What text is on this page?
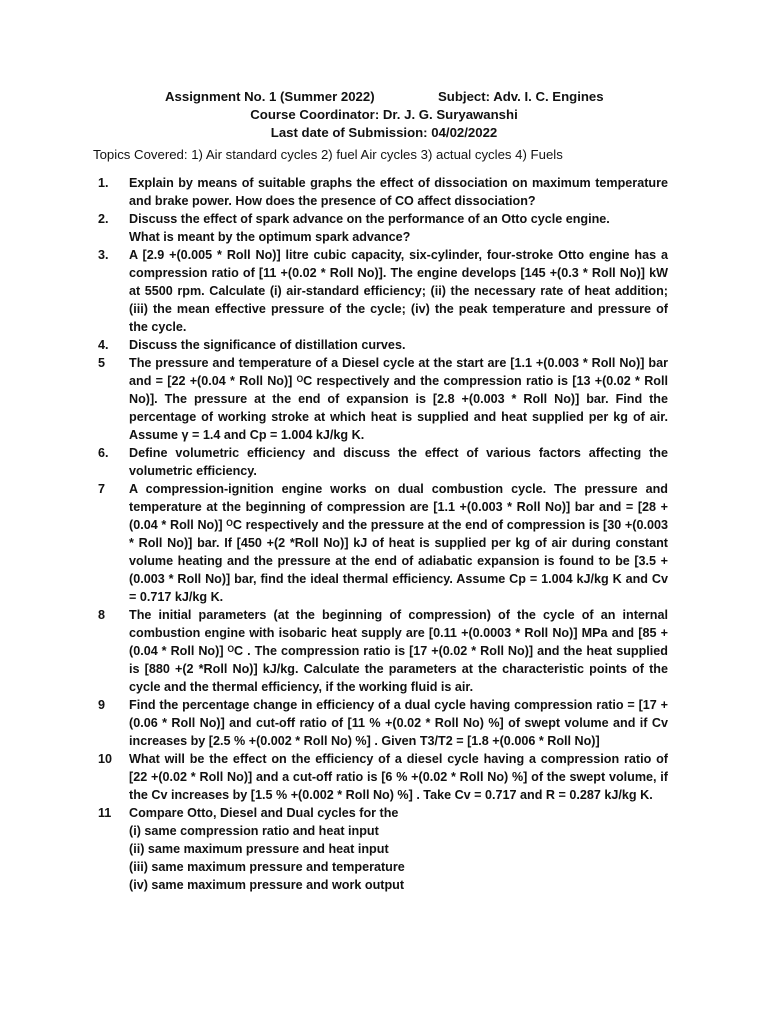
Assignment No. 1 (Summer 2022)	Subject: Adv. I. C. Engines
Course Coordinator: Dr. J. G. Suryawanshi
Last date of Submission: 04/02/2022
Topics Covered: 1) Air standard cycles 2) fuel Air cycles 3) actual cycles 4) Fuels
1.	Explain by means of suitable graphs the effect of dissociation on maximum temperature and brake power. How does the presence of CO affect dissociation?

2.	Discuss the effect of spark advance on the performance of an Otto cycle engine.

What is meant by the optimum spark advance?

3.	A [2.9 +(0.005 * Roll No)] litre cubic capacity, six-cylinder, four-stroke Otto engine has a compression ratio of [11 +(0.02 * Roll No)]. The engine develops [145 +(0.3 * Roll No)] kW at 5500 rpm. Calculate (i) air-standard efficiency; (ii) the necessary rate of heat addition; (iii) the mean effective pressure of the cycle; (iv) the peak temperature and pressure of the cycle.

4.	Discuss the significance of distillation curves.

5	The pressure and temperature of a Diesel cycle at the start are [1.1 +(0.003 * Roll No)] bar and = [22 +(0.04 * Roll No)] ᴼC respectively and the compression ratio is [13 +(0.02 * Roll No)]. The pressure at the end of expansion is [2.8 +(0.003 * Roll No)] bar. Find the percentage of working stroke at which heat is supplied and heat supplied per kg of air. Assume γ = 1.4 and Cp = 1.004 kJ/kg K.

6.	Define volumetric efficiency and discuss the effect of various factors affecting the volumetric efficiency.

7	A compression-ignition engine works on dual combustion cycle. The pressure and temperature at the beginning of compression are [1.1 +(0.003 * Roll No)] bar and = [28 +(0.04 * Roll No)] ᴼC respectively and the pressure at the end of compression is [30 +(0.003 * Roll No)] bar. If [450 +(2 *Roll No)] kJ of heat is supplied per kg of air during constant volume heating and the pressure at the end of adiabatic expansion is found to be [3.5 +(0.003 * Roll No)] bar, find the ideal thermal efficiency. Assume Cp = 1.004 kJ/kg K and Cv = 0.717 kJ/kg K.

8	The initial parameters (at the beginning of compression) of the cycle of an internal combustion engine with isobaric heat supply are [0.11 +(0.0003 * Roll No)] MPa and [85 +(0.04 * Roll No)] ᴼC . The compression ratio is [17 +(0.02 * Roll No)] and the heat supplied is [880 +(2 *Roll No)] kJ/kg. Calculate the parameters at the characteristic points of the cycle and the thermal efficiency, if the working fluid is air.

9	Find the percentage change in efficiency of a dual cycle having compression ratio = [17 +(0.06 * Roll No)] and cut-off ratio of [11 % +(0.02 * Roll No) %] of swept volume and if Cv increases by [2.5 % +(0.002 * Roll No) %] . Given T3/T2 = [1.8 +(0.006 * Roll No)]

10	What will be the effect on the efficiency of a diesel cycle having a compression ratio of [22 +(0.02 * Roll No)] and a cut-off ratio is [6 % +(0.02 * Roll No) %] of the swept volume, if the Cv increases by [1.5 % +(0.002 * Roll No) %] . Take Cv = 0.717 and R = 0.287 kJ/kg K.

11	Compare Otto, Diesel and Dual cycles for the

(i) same compression ratio and heat input

(ii) same maximum pressure and heat input

(iii) same maximum pressure and temperature

(iv) same maximum pressure and work output
